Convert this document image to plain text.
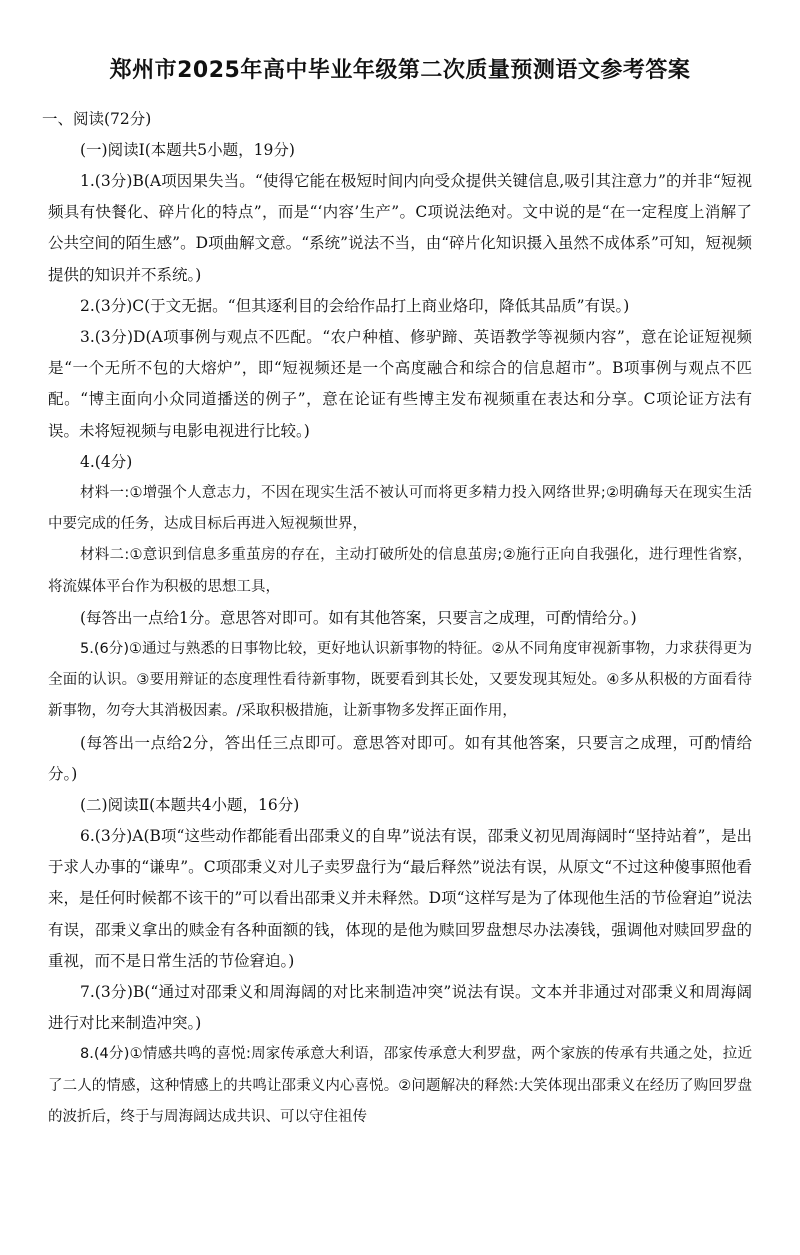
郑州市2025年高中毕业年级第二次质量预测语文参考答案
一、阅读(72分)
(一)阅读Ⅰ(本题共5小题，19分)

1.(3分)B(A项因果失当。“使得它能在极短时间内向受众提供关键信息,吸引其注意力”的并非“短视频具有快餐化、碎片化的特点”，而是“‘内容’生产”。C项说法绝对。文中说的是“在一定程度上消解了公共空间的陌生感”。D项曲解文意。“系统”说法不当，由“碎片化知识摄入虽然不成体系”可知，短视频提供的知识并不系统。)

2.(3分)C(于文无据。“但其逐利目的会给作品打上商业烙印，降低其品质”有误。)

3.(3分)D(A项事例与观点不匹配。“农户种植、修驴蹄、英语教学等视频内容”，意在论证短视频是“一个无所不包的大熔炉”，即“短视频还是一个高度融合和综合的信息超市”。B项事例与观点不匹配。“博主面向小众同道播送的例子”，意在论证有些博主发布视频重在表达和分享。C项论证方法有误。未将短视频与电影电视进行比较。)

4.(4分)

材料一:①增强个人意志力，不因在现实生活不被认可而将更多精力投入网络世界;②明确每天在现实生活中要完成的任务，达成目标后再进入短视频世界，

材料二:①意识到信息多重茧房的存在，主动打破所处的信息茧房;②施行正向自我强化，进行理性省察，将流媒体平台作为积极的思想工具，

(每答出一点给1分。意思答对即可。如有其他答案，只要言之成理，可酌情给分。)

5.(6分)①通过与熟悉的日事物比较，更好地认识新事物的特征。②从不同角度审视新事物，力求获得更为全面的认识。③要用辩证的态度理性看待新事物，既要看到其长处，又要发现其短处。④多从积极的方面看待新事物，勿夸大其消极因素。/采取积极措施，让新事物多发挥正面作用，

(每答出一点给2分，答出任三点即可。意思答对即可。如有其他答案，只要言之成理，可酌情给分。)

(二)阅读Ⅱ(本题共4小题，16分)

6.(3分)A(B项“这些动作都能看出邵秉义的自卑”说法有误，邵秉义初见周海阔时“坚持站着”，是出于求人办事的“谦卑”。C项邵秉义对儿子卖罗盘行为“最后释然”说法有误，从原文“不过这种傻事照他看来，是任何时候都不该干的”可以看出邵秉义并未释然。D项“这样写是为了体现他生活的节俭窘迫”说法有误，邵秉义拿出的赎金有各种面额的钱，体现的是他为赎回罗盘想尽办法凑钱，强调他对赎回罗盘的重视，而不是日常生活的节俭窘迫。)

7.(3分)B(“通过对邵秉义和周海阔的对比来制造冲突”说法有误。文本并非通过对邵秉义和周海阔进行对比来制造冲突。)

8.(4分)①情感共鸣的喜悦:周家传承意大利语，邵家传承意大利罗盘，两个家族的传承有共通之处，拉近了二人的情感，这种情感上的共鸣让邵秉义内心喜悦。②问题解决的释然:大笑体现出邵秉义在经历了购回罗盘的波折后，终于与周海阔达成共识、可以守住祖传
